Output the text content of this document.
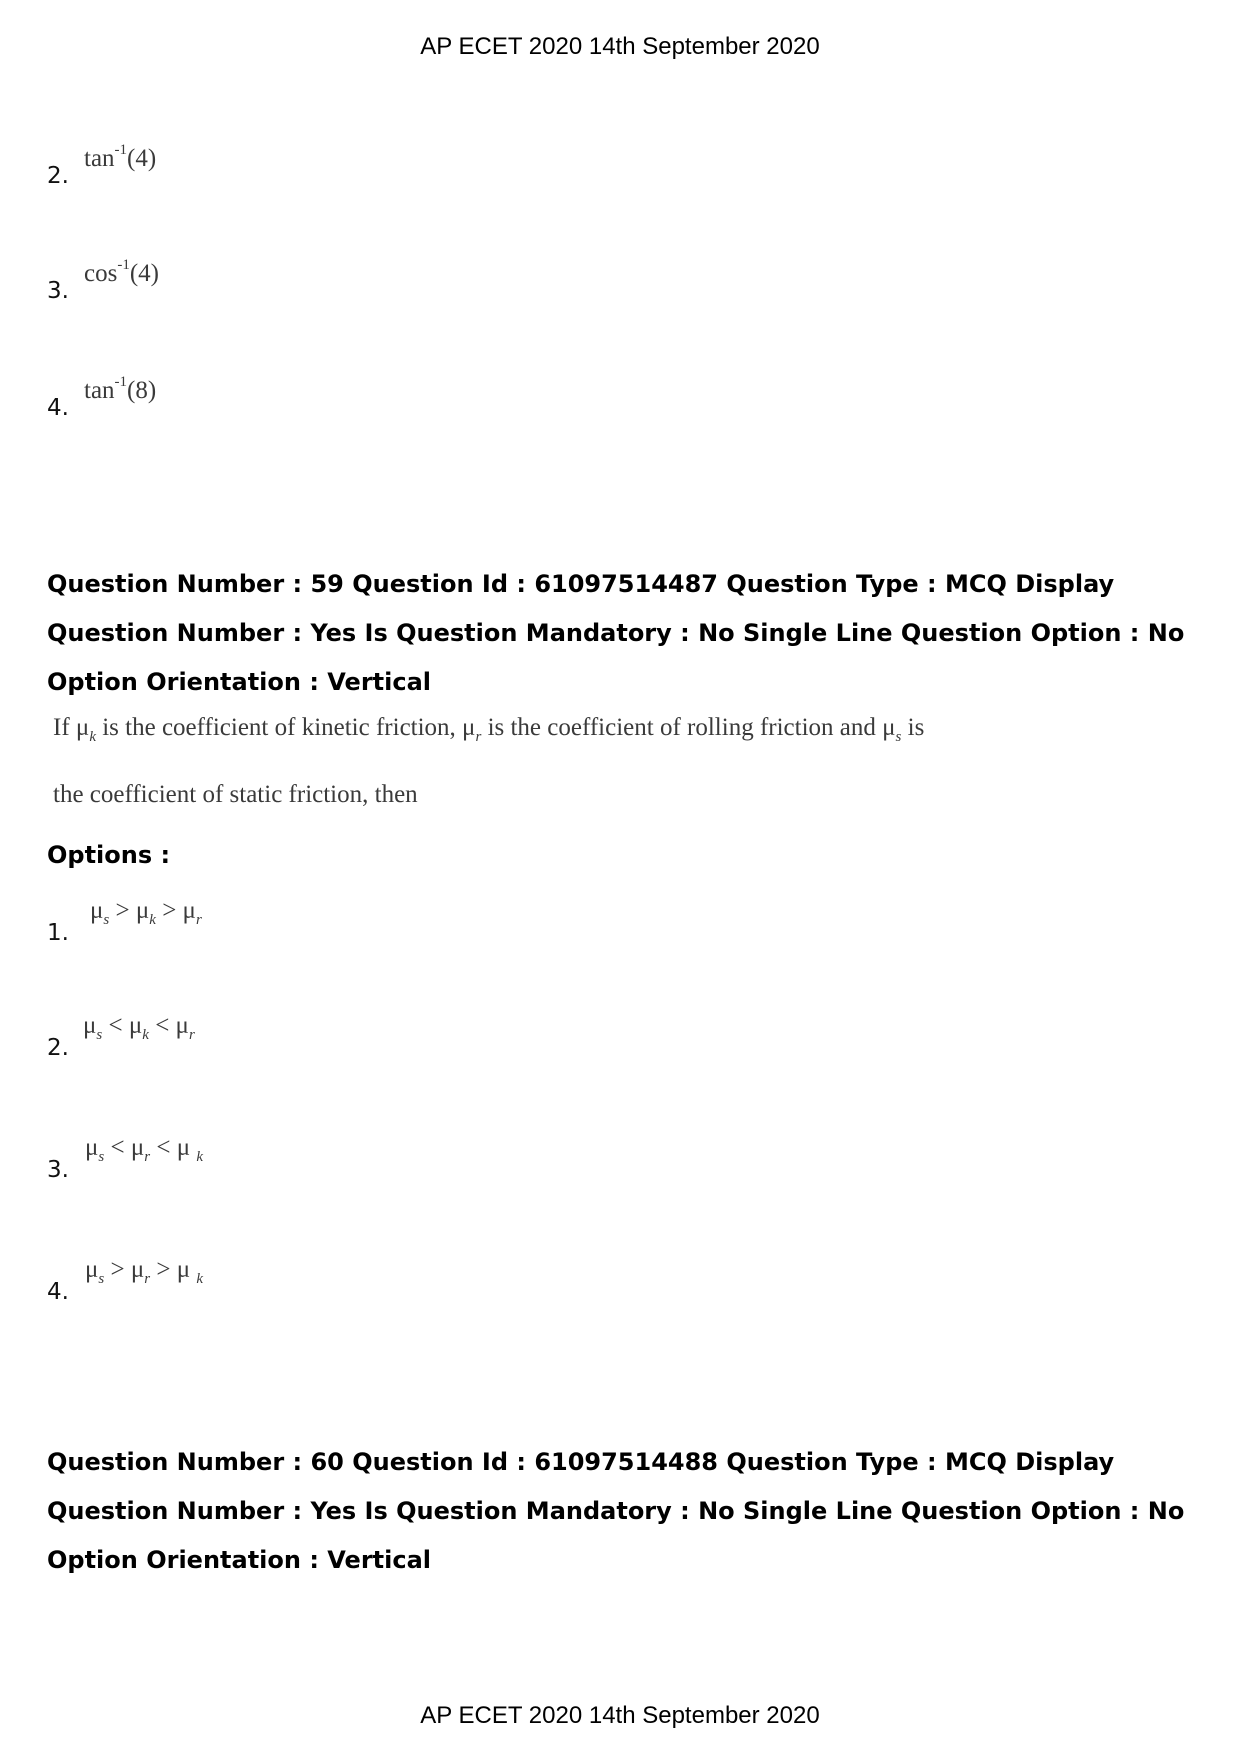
AP ECET 2020 14th September 2020
2.
$\tan^{-1}(4)$
3.
$\cos^{-1}(4)$
4.
$\tan^{-1}(8)$
Question Number : 59 Question Id : 61097514487 Question Type : MCQ Display Question Number : Yes Is Question Mandatory : No Single Line Question Option : No Option Orientation : Vertical
If $\mu_k$ is the coefficient of kinetic friction, $\mu_r$ is the coefficient of rolling friction and $\mu_s$ is
the coefficient of static friction, then
Options :
1.
$\mu_s > \mu_k > \mu_r$
2.
$\mu_s < \mu_k < \mu_r$
3.
$\mu_s < \mu_r < \mu$ $_k$
4.
$\mu_s > \mu_r > \mu$ $_k$
Question Number : 60 Question Id : 61097514488 Question Type : MCQ Display Question Number : Yes Is Question Mandatory : No Single Line Question Option : No Option Orientation : Vertical
AP ECET 2020 14th September 2020
